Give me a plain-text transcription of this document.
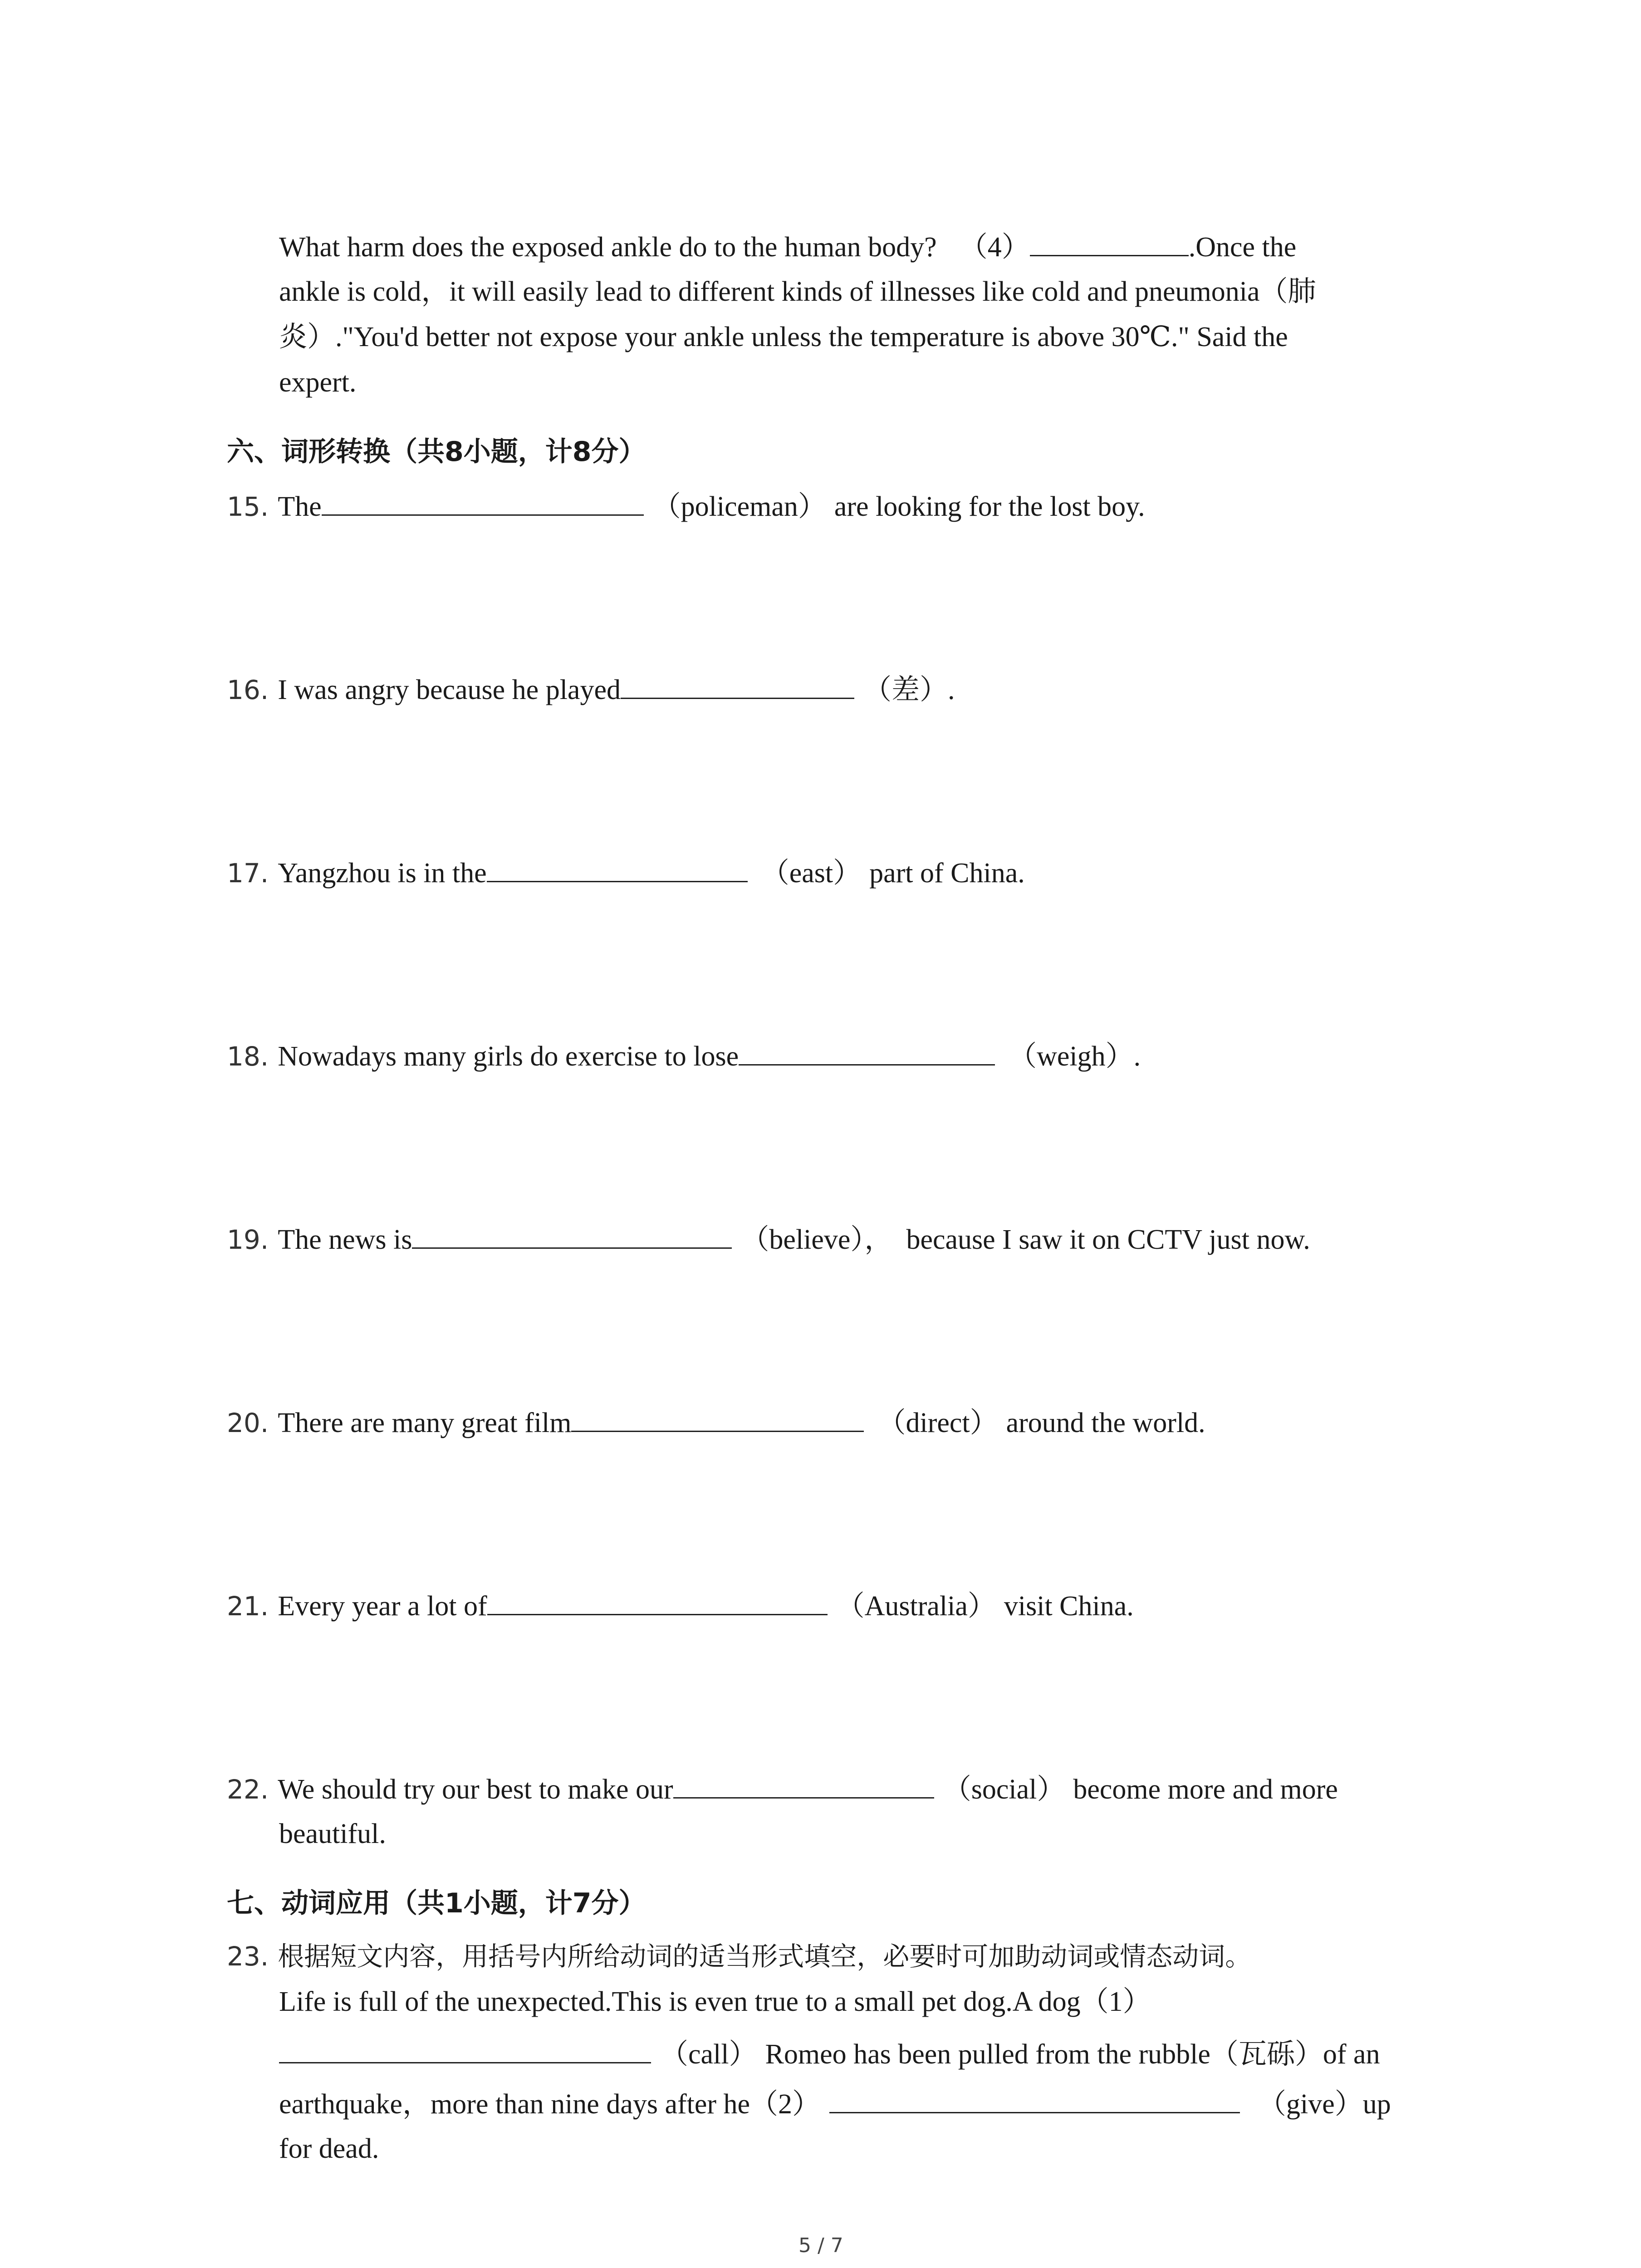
What harm does the exposed ankle do to the human body? （4）	.Once the
ankle is cold，it will easily lead to different kinds of illnesses like cold and pneumonia（肺
炎）."You'd better not expose your ankle unless the temperature is above 30℃." Said the
expert.
六、词形转换（共8小题，计8分）
15. The	（policeman） are looking for the lost boy.
16. I was angry because he played	（差）.
17. Yangzhou is in the	（east） part of China.
18. Nowadays many girls do exercise to lose	（weigh）.
19. The news is	（believe）， because I saw it on CCTV just now.
20. There are many great film	（direct） around the world.
21. Every year a lot of	（Australia） visit China.
22. We should try our best to make our	（social） become more and more
beautiful.
七、动词应用（共1小题，计7分）
23. 根据短文内容，用括号内所给动词的适当形式填空，必要时可加助动词或情态动词。
Life is full of the unexpected.This is even true to a small pet dog.A dog（1）
（call） Romeo has been pulled from the rubble（瓦砾）of an
earthquake，more than nine days after he（2）	（give）up
for dead.
5 / 7
